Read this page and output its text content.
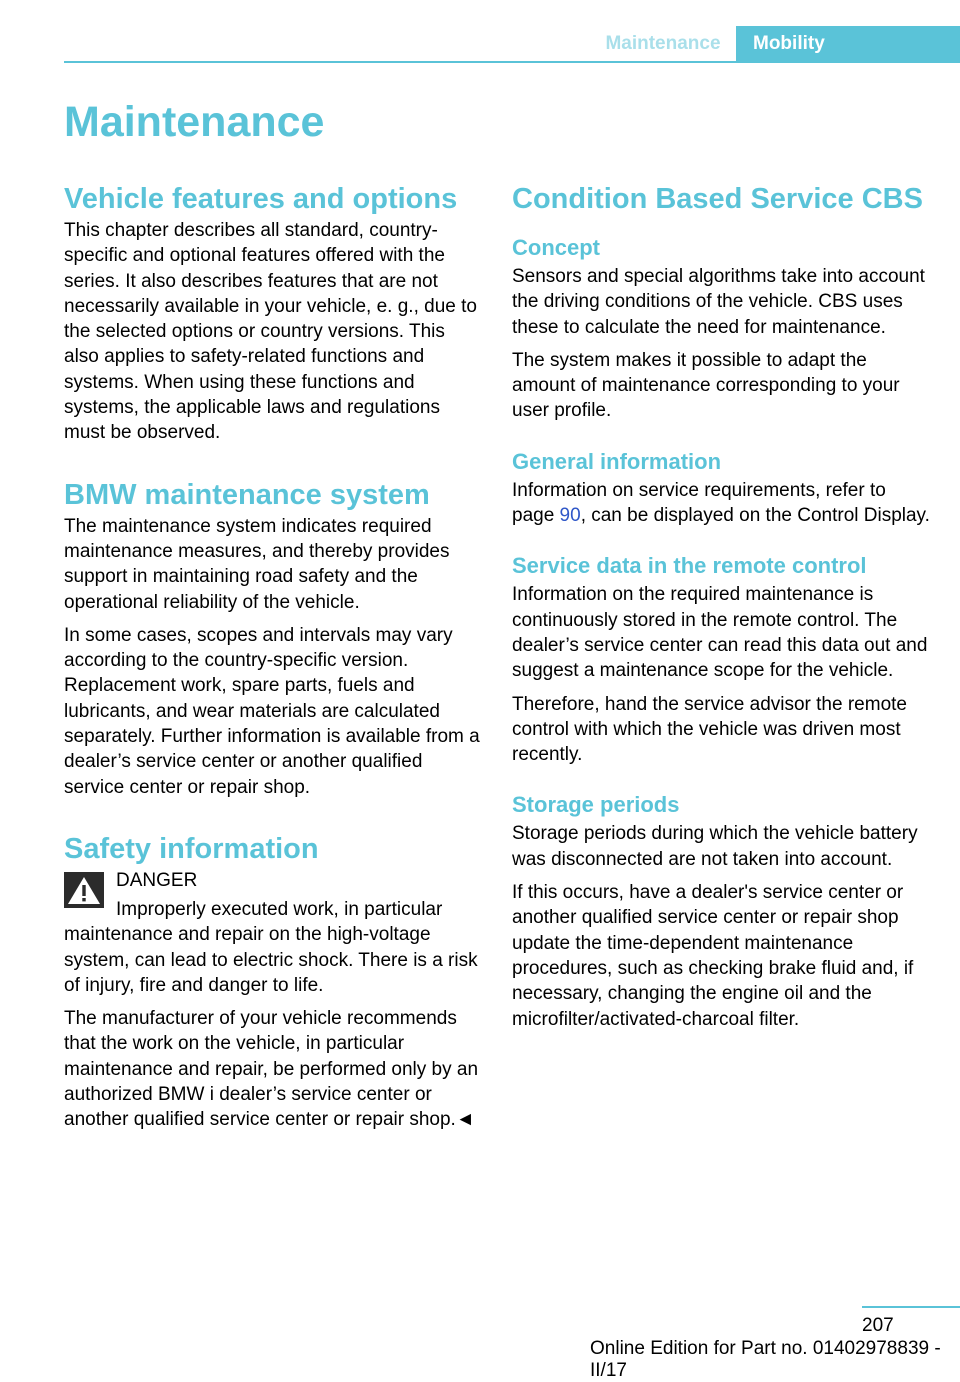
Maintenance	Mobility
Maintenance
Vehicle features and options

This chapter describes all standard, country-specific and optional features offered with the series. It also describes features that are not necessarily available in your vehicle, e. g., due to the selected options or country versions. This also applies to safety-related functions and systems. When using these functions and systems, the applicable laws and regulations must be observed.

BMW maintenance system

The maintenance system indicates required maintenance measures, and thereby provides support in maintaining road safety and the operational reliability of the vehicle.

In some cases, scopes and intervals may vary according to the country-specific version. Replacement work, spare parts, fuels and lubricants, and wear materials are calculated separately. Further information is available from a dealer’s service center or another qualified service center or repair shop.

Safety information
DANGER

Improperly executed work, in particular maintenance and repair on the high-voltage system, can lead to electric shock. There is a risk of injury, fire and danger to life.

The manufacturer of your vehicle recommends that the work on the vehicle, in particular maintenance and repair, be performed only by an authorized BMW i dealer’s service center or another qualified service center or repair shop.◄

Condition Based Service CBS
Concept

Sensors and special algorithms take into account the driving conditions of the vehicle. CBS uses these to calculate the need for maintenance.

The system makes it possible to adapt the amount of maintenance corresponding to your user profile.

General information

Information on service requirements, refer to page 90, can be displayed on the Control Display.

Service data in the remote control

Information on the required maintenance is continuously stored in the remote control. The dealer’s service center can read this data out and suggest a maintenance scope for the vehicle.

Therefore, hand the service advisor the remote control with which the vehicle was driven most recently.

Storage periods

Storage periods during which the vehicle battery was disconnected are not taken into account.

If this occurs, have a dealer's service center or another qualified service center or repair shop update the time-dependent maintenance procedures, such as checking brake fluid and, if necessary, changing the engine oil and the microfilter/activated-charcoal filter.

207
Online Edition for Part no. 01402978839 - II/17
